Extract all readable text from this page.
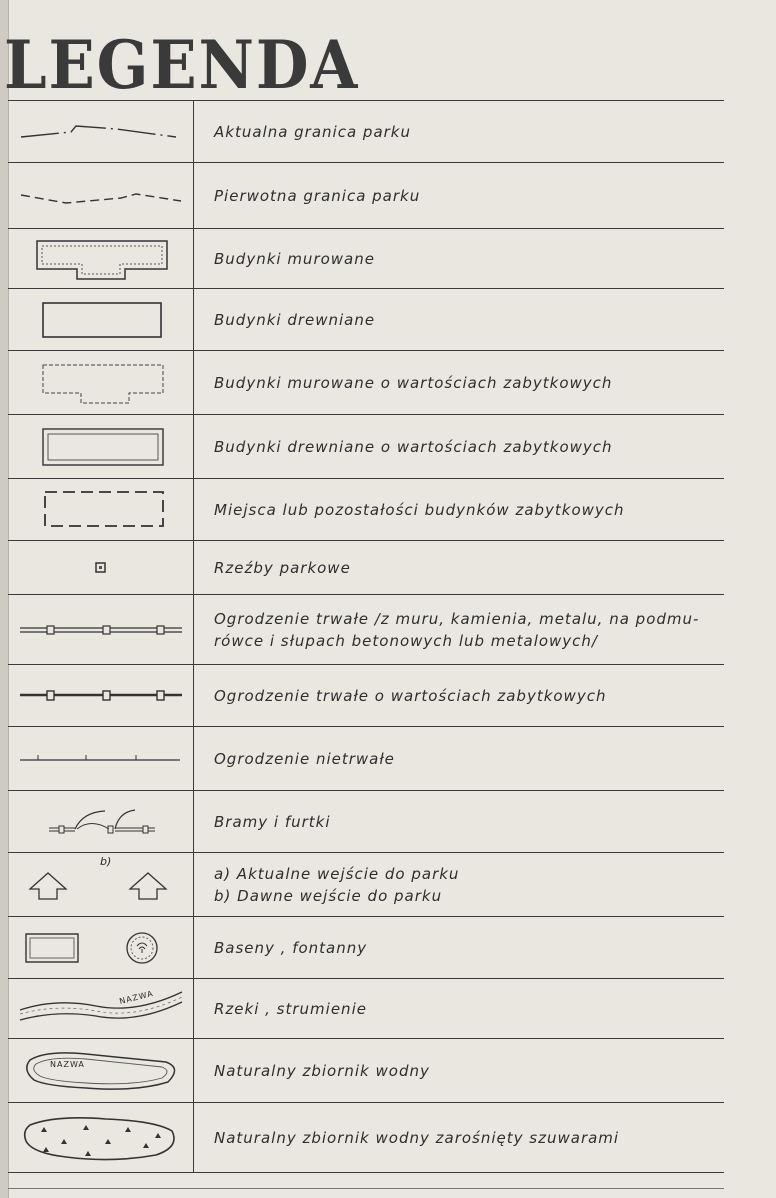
LEGENDA
Aktualna granica parku
Pierwotna granica parku
Budynki murowane
Budynki drewniane
Budynki murowane o wartościach zabytkowych
Budynki drewniane o wartościach zabytkowych
Miejsca lub pozostałości budynków zabytkowych
Rzeźby parkowe
Ogrodzenie trwałe /z muru, kamienia, metalu, na podmu-
rówce i słupach betonowych lub metalowych/
Ogrodzenie trwałe o wartościach zabytkowych
Ogrodzenie nietrwałe
Bramy i furtki
b)
a) Aktualne wejście do parku
b) Dawne wejście do parku
Baseny , fontanny
NAZWA
Rzeki , strumienie
NAZWA	Naturalny zbiornik wodny
Naturalny zbiornik wodny zarośnięty szuwarami
